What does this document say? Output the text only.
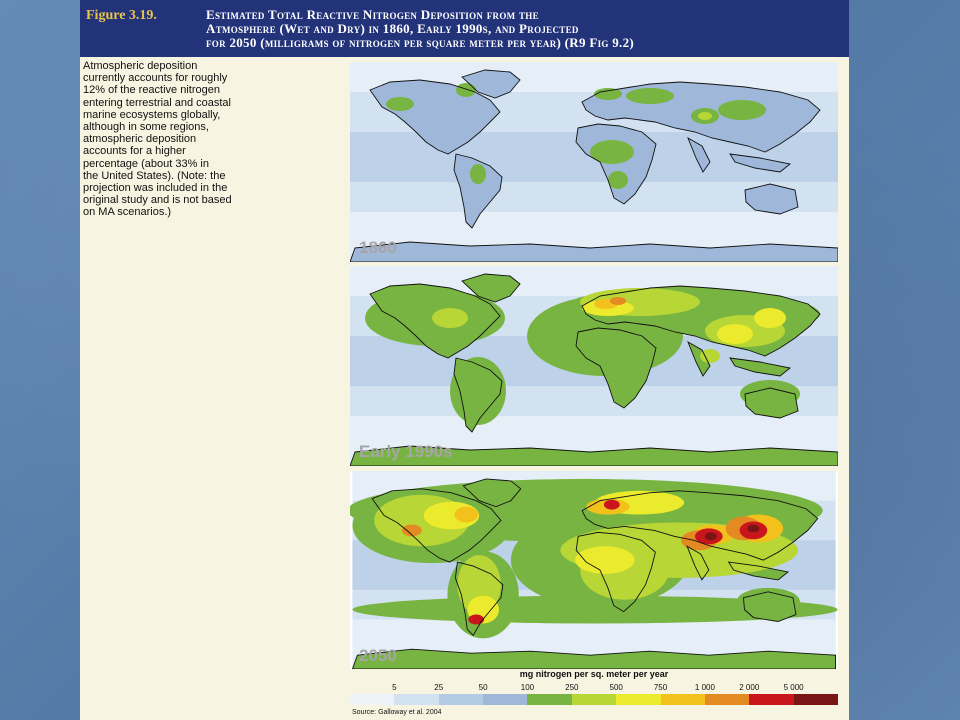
Figure 3.19.	Estimated Total Reactive Nitrogen Deposition from the
Atmosphere (Wet and Dry) in 1860, Early 1990s, and Projected
for 2050 (milligrams of nitrogen per square meter per year) (R9 Fig 9.2)
Atmospheric deposition
currently accounts for roughly
12% of the reactive nitrogen
entering terrestrial and coastal
marine ecosystems globally,
although in some regions,
atmospheric deposition
accounts for a higher
percentage (about 33% in
the United States). (Note: the
projection was included in the
original study and is not based
on MA scenarios.)
1860
Early 1990s
2050
mg nitrogen per sq. meter per year
5	25	50	100	250	500	750	1 000	2 000	5 000
Source: Galloway et al. 2004
